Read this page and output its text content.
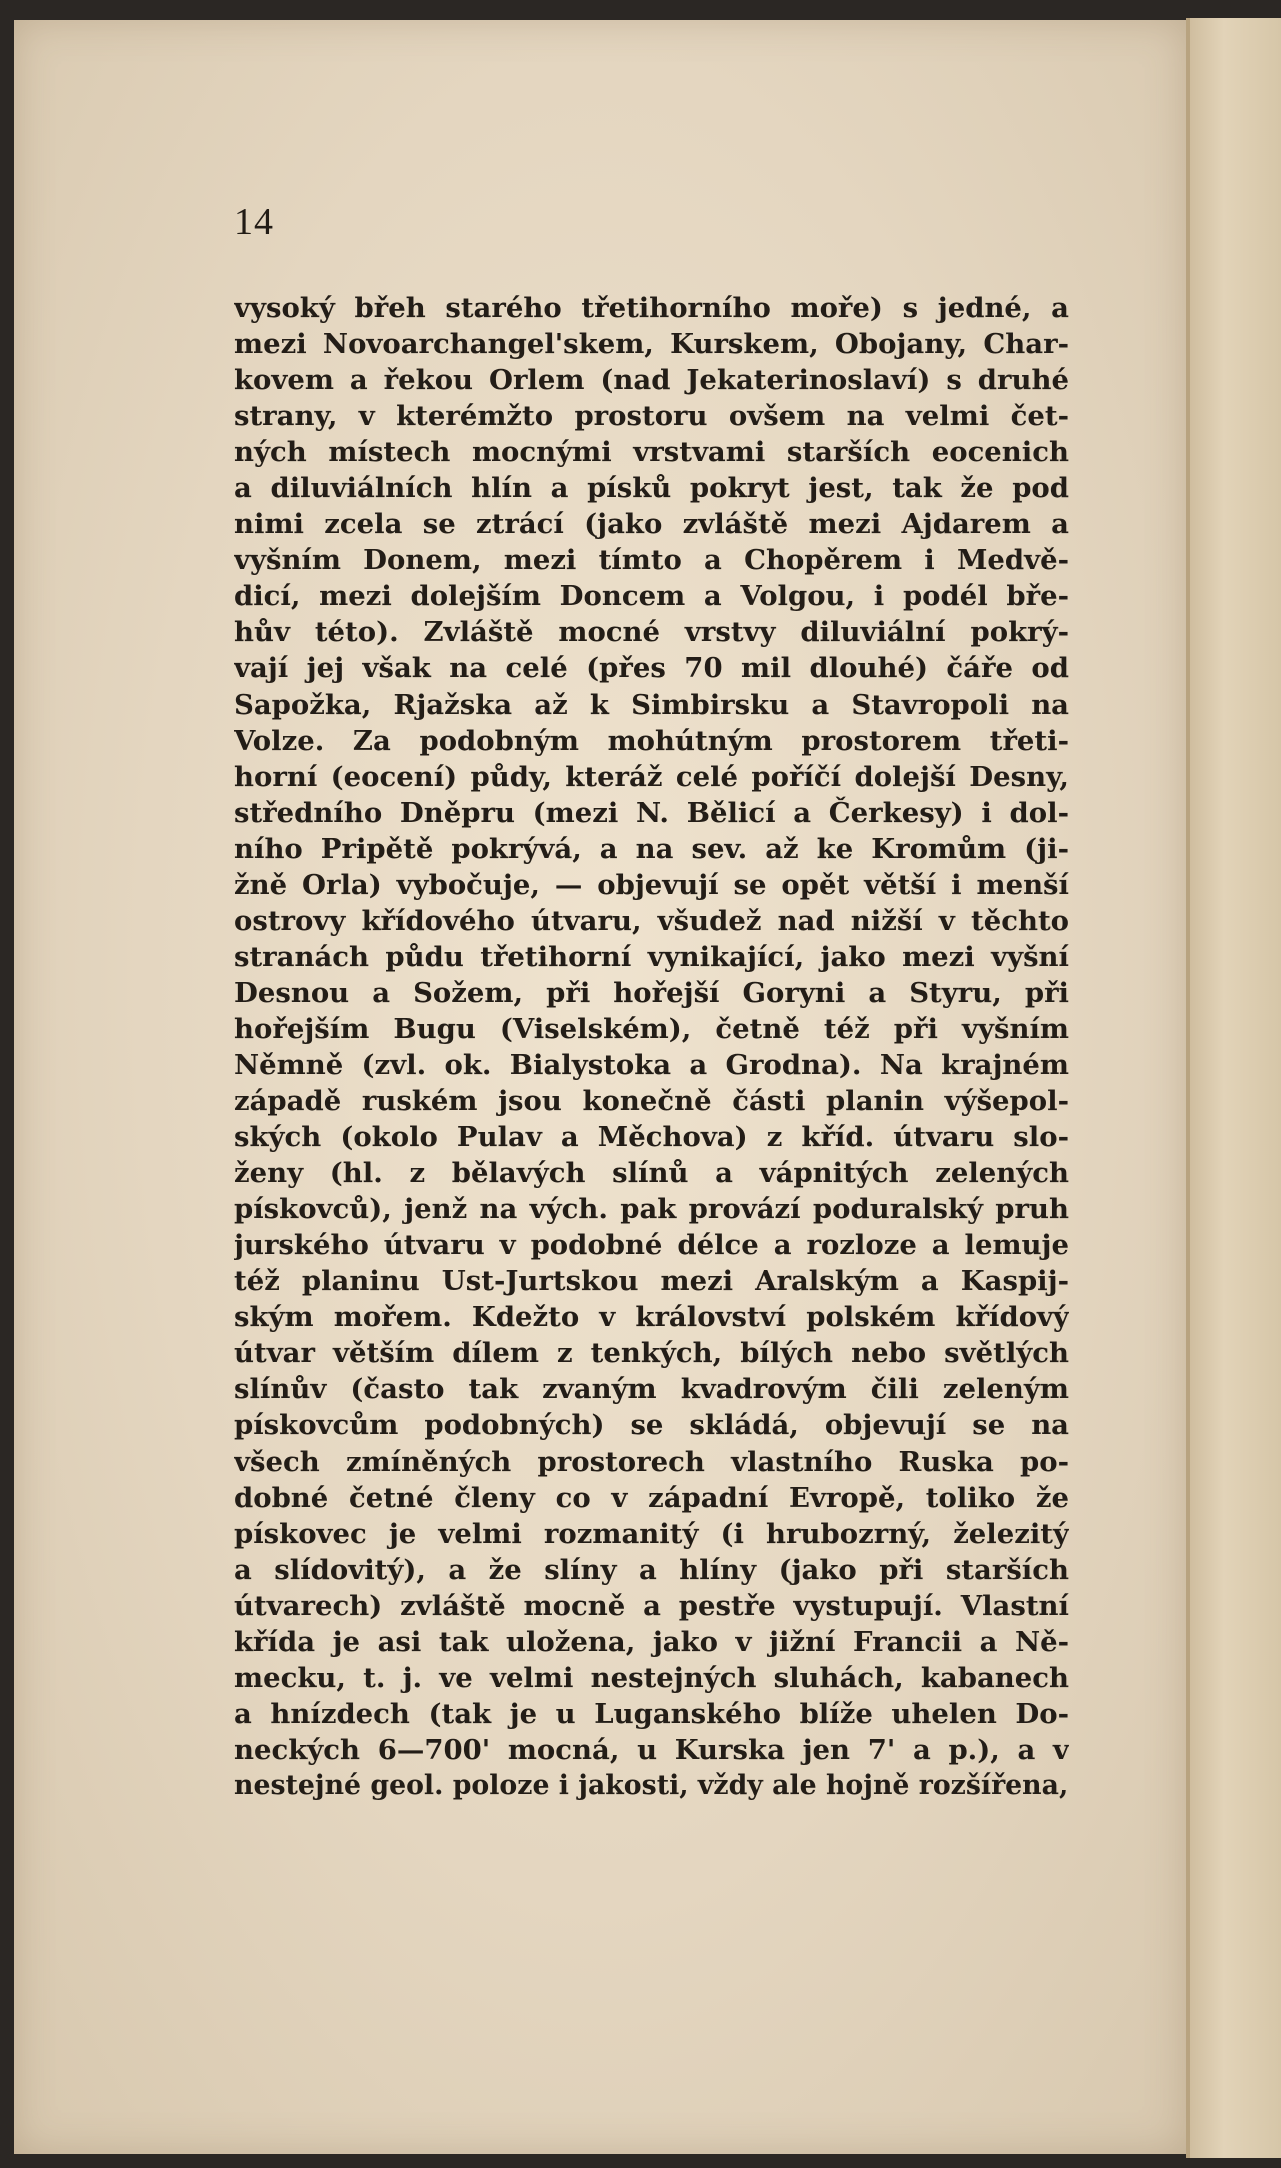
14
vysoký břeh starého třetihorního moře) s jedné, a
mezi Novoarchangel'skem, Kurskem, Obojany, Char-
kovem a řekou Orlem (nad Jekaterinoslaví) s druhé
strany, v kterémžto prostoru ovšem na velmi čet-
ných místech mocnými vrstvami starších eocenich
a diluviálních hlín a písků pokryt jest, tak že pod
nimi zcela se ztrácí (jako zvláště mezi Ajdarem a
vyšním Donem, mezi tímto a Chopěrem i Medvě-
dicí, mezi dolejším Doncem a Volgou, i podél bře-
hův této). Zvláště mocné vrstvy diluviální pokrý-
vají jej však na celé (přes 70 mil dlouhé) čáře od
Sapožka, Rjažska až k Simbirsku a Stavropoli na
Volze. Za podobným mohútným prostorem třeti-
horní (eocení) půdy, kteráž celé poříčí dolejší Desny,
středního Dněpru (mezi N. Bělicí a Čerkesy) i dol-
ního Pripětě pokrývá, a na sev. až ke Kromům (ji-
žně Orla) vybočuje, — objevují se opět větší i menší
ostrovy křídového útvaru, všudež nad nižší v těchto
stranách půdu třetihorní vynikající, jako mezi vyšní
Desnou a Sožem, při hořejší Goryni a Styru, při
hořejším Bugu (Viselském), četně též při vyšním
Němně (zvl. ok. Bialystoka a Grodna). Na krajném
západě ruském jsou konečně části planin výšepol-
ských (okolo Pulav a Měchova) z kříd. útvaru slo-
ženy (hl. z bělavých slínů a vápnitých zelených
pískovců), jenž na vých. pak provází poduralský pruh
jurského útvaru v podobné délce a rozloze a lemuje
též planinu Ust-Jurtskou mezi Aralským a Kaspij-
ským mořem. Kdežto v království polském křídový
útvar větším dílem z tenkých, bílých nebo světlých
slínův (často tak zvaným kvadrovým čili zeleným
pískovcům podobných) se skládá, objevují se na
všech zmíněných prostorech vlastního Ruska po-
dobné četné členy co v západní Evropě, toliko že
pískovec je velmi rozmanitý (i hrubozrný, železitý
a slídovitý), a že slíny a hlíny (jako při starších
útvarech) zvláště mocně a pestře vystupují. Vlastní
křída je asi tak uložena, jako v jižní Francii a Ně-
mecku, t. j. ve velmi nestejných sluhách, kabanech
a hnízdech (tak je u Luganského blíže uhelen Do-
neckých 6—700' mocná, u Kurska jen 7' a p.), a v
nestejné geol. poloze i jakosti, vždy ale hojně rozšířena,
